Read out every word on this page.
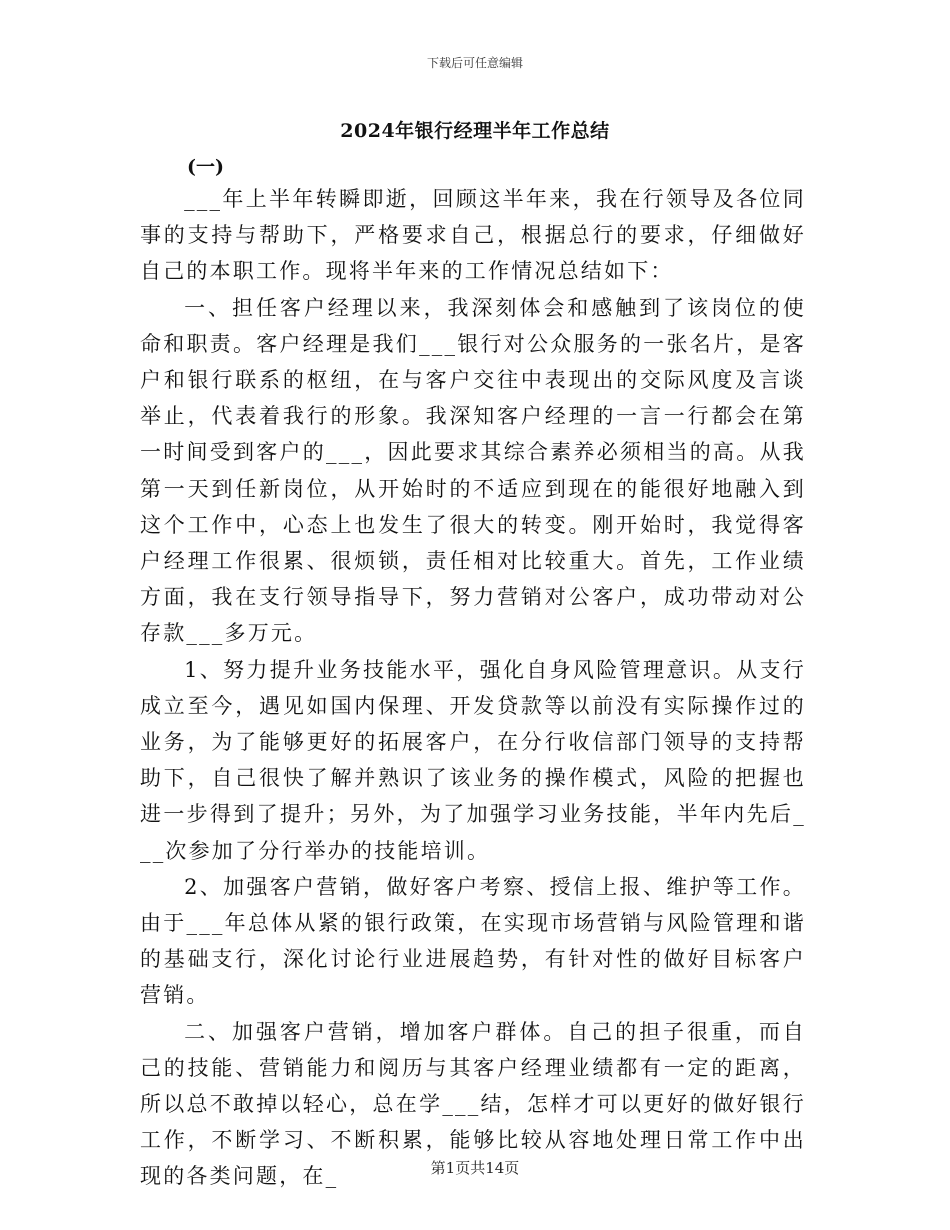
下载后可任意编辑
2024年银行经理半年工作总结
(一)

___年上半年转瞬即逝，回顾这半年来，我在行领导及各位同事的支持与帮助下，严格要求自己，根据总行的要求，仔细做好自己的本职工作。现将半年来的工作情况总结如下：

一、担任客户经理以来，我深刻体会和感触到了该岗位的使命和职责。客户经理是我们___银行对公众服务的一张名片，是客户和银行联系的枢纽，在与客户交往中表现出的交际风度及言谈举止，代表着我行的形象。我深知客户经理的一言一行都会在第一时间受到客户的___，因此要求其综合素养必须相当的高。从我第一天到任新岗位，从开始时的不适应到现在的能很好地融入到这个工作中，心态上也发生了很大的转变。刚开始时，我觉得客户经理工作很累、很烦锁，责任相对比较重大。首先，工作业绩方面，我在支行领导指导下，努力营销对公客户，成功带动对公存款___多万元。

1、努力提升业务技能水平，强化自身风险管理意识。从支行成立至今，遇见如国内保理、开发贷款等以前没有实际操作过的业务，为了能够更好的拓展客户，在分行收信部门领导的支持帮助下，自己很快了解并熟识了该业务的操作模式，风险的把握也进一步得到了提升；另外，为了加强学习业务技能，半年内先后___次参加了分行举办的技能培训。

2、加强客户营销，做好客户考察、授信上报、维护等工作。由于___年总体从紧的银行政策，在实现市场营销与风险管理和谐的基础支行，深化讨论行业进展趋势，有针对性的做好目标客户营销。

二、加强客户营销，增加客户群体。自己的担子很重，而自己的技能、营销能力和阅历与其客户经理业绩都有一定的距离，所以总不敢掉以轻心，总在学___结，怎样才可以更好的做好银行工作，不断学习、不断积累，能够比较从容地处理日常工作中出现的各类问题，在_	第1页共14页
